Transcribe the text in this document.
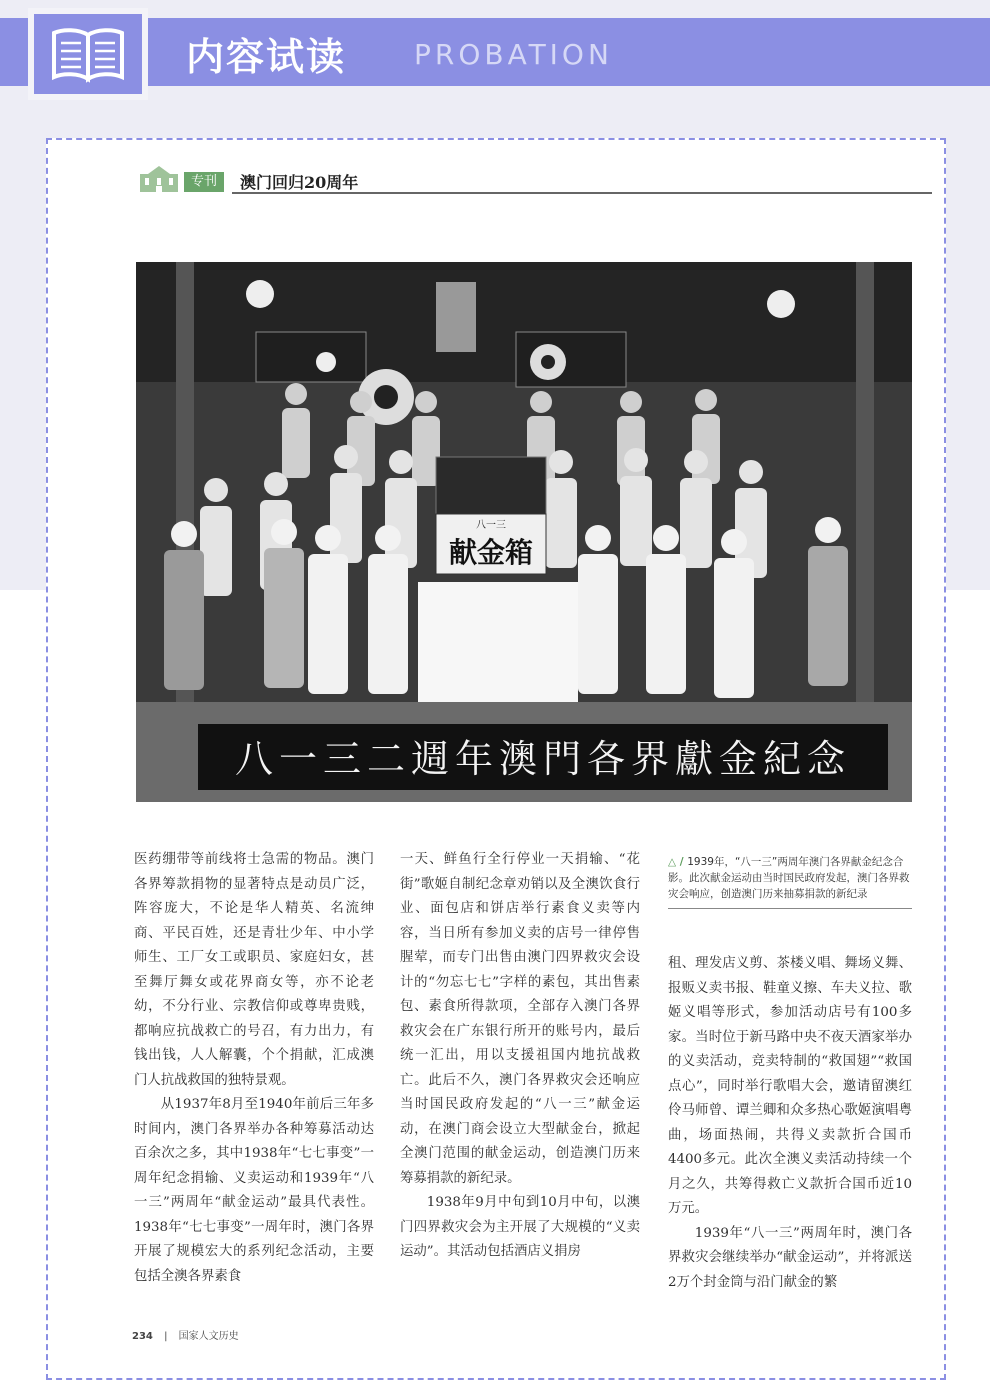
内容试读 PROBATION
专刊	澳门回归20周年
八一三
献金箱
八一三二週年澳門各界獻金紀念

医药绷带等前线将士急需的物品。澳门各界筹款捐物的显著特点是动员广泛，阵容庞大，不论是华人精英、名流绅商、平民百姓，还是青壮少年、中小学师生、工厂女工或职员、家庭妇女，甚至舞厅舞女或花界商女等，亦不论老幼，不分行业、宗教信仰或尊卑贵贱，都响应抗战救亡的号召，有力出力，有钱出钱，人人解囊，个个捐献，汇成澳门人抗战救国的独特景观。

从1937年8月至1940年前后三年多时间内，澳门各界举办各种筹募活动达百余次之多，其中1938年“七七事变”一周年纪念捐输、义卖运动和1939年“八一三”两周年“献金运动”最具代表性。1938年“七七事变”一周年时，澳门各界开展了规模宏大的系列纪念活动，主要包括全澳各界素食

一天、鲜鱼行全行停业一天捐输、“花街”歌姬自制纪念章劝销以及全澳饮食行业、面包店和饼店举行素食义卖等内容，当日所有参加义卖的店号一律停售腥荤，而专门出售由澳门四界救灾会设计的“勿忘七七”字样的素包，其出售素包、素食所得款项，全部存入澳门各界救灾会在广东银行所开的账号内，最后统一汇出，用以支援祖国内地抗战救亡。此后不久，澳门各界救灾会还响应当时国民政府发起的“八一三”献金运动，在澳门商会设立大型献金台，掀起全澳门范围的献金运动，创造澳门历来筹募捐款的新纪录。

1938年9月中旬到10月中旬，以澳门四界救灾会为主开展了大规模的“义卖运动”。其活动包括酒店义捐房

△ / 1939年，“八一三”两周年澳门各界献金纪念合影。此次献金运动由当时国民政府发起，澳门各界救灾会响应，创造澳门历来抽募捐款的新纪录

租、理发店义剪、茶楼义唱、舞场义舞、报贩义卖书报、鞋童义擦、车夫义拉、歌姬义唱等形式，参加活动店号有100多家。当时位于新马路中央不夜天酒家举办的义卖活动，竞卖特制的“救国翅”“救国点心”，同时举行歌唱大会，邀请留澳红伶马师曾、谭兰卿和众多热心歌姬演唱粤曲，场面热闹，共得义卖款折合国币4400多元。此次全澳义卖活动持续一个月之久，共筹得救亡义款折合国币近10万元。

1939年“八一三”两周年时，澳门各界救灾会继续举办“献金运动”，并将派送2万个封金筒与沿门献金的繁

234 | 国家人文历史
